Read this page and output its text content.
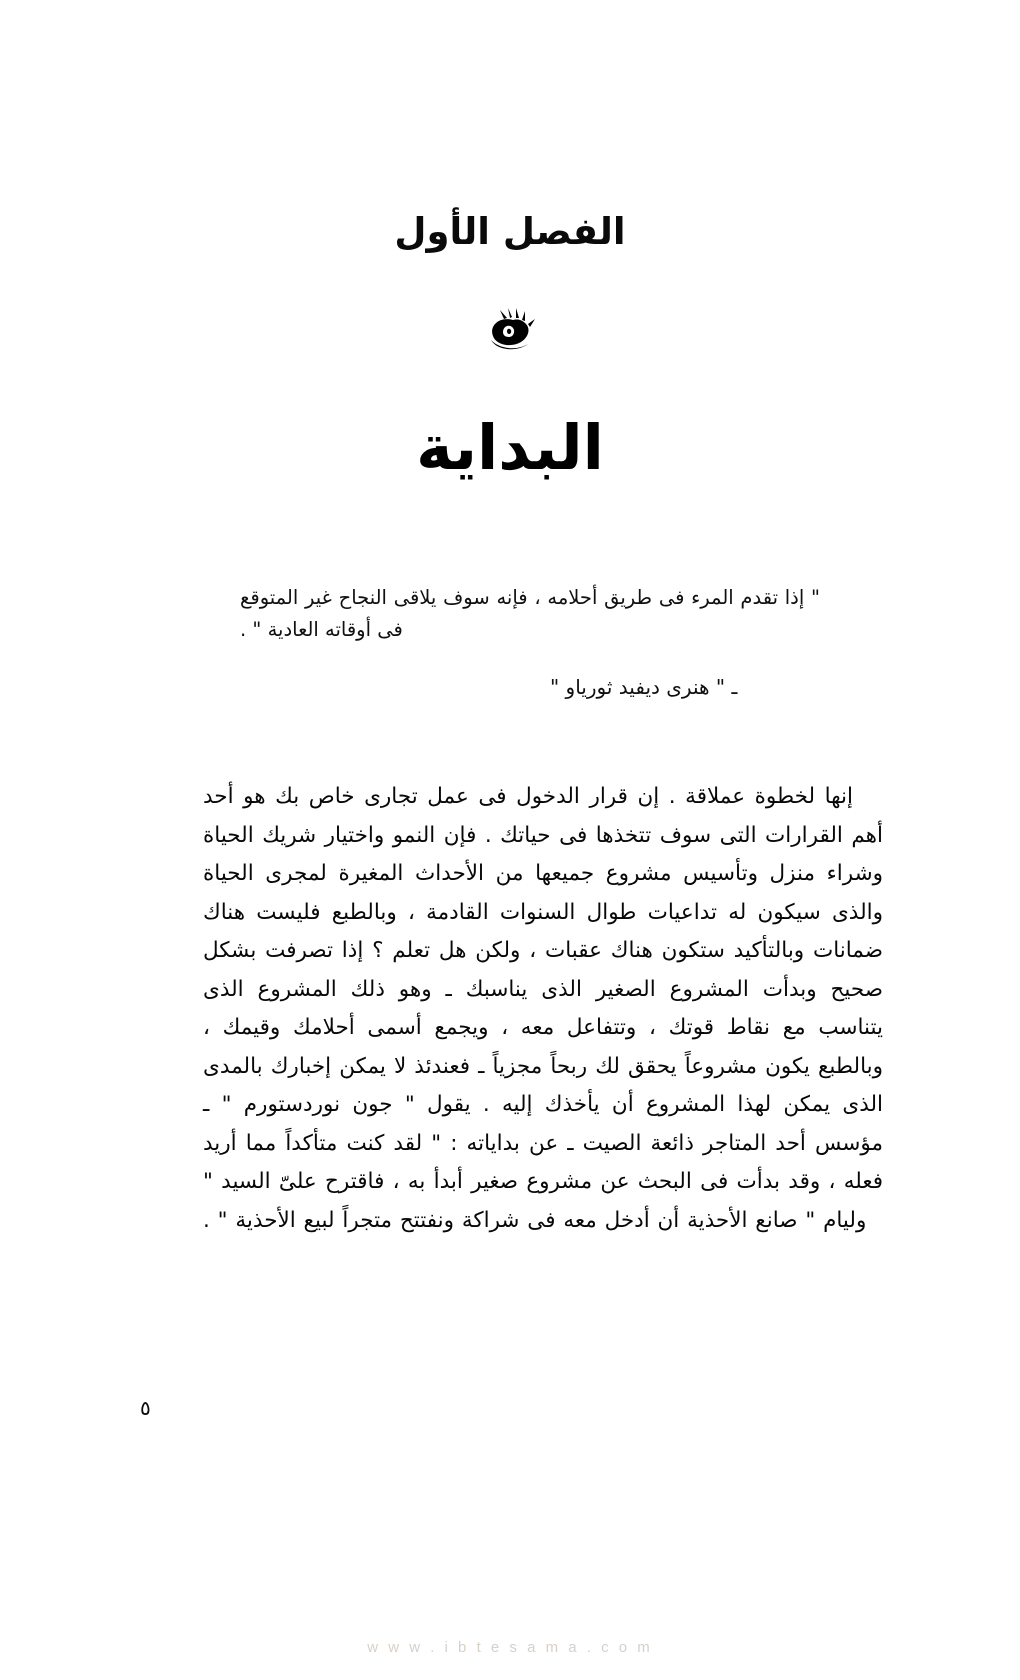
الفصل الأول
البداية
" إذا تقدم المرء فى طريق أحلامه ، فإنه سوف يلاقى النجاح غير المتوقع فى أوقاته العادية " .
ـ " هنرى ديفيد ثورياو "
إنها لخطوة عملاقة . إن قرار الدخول فى عمل تجارى خاص بك هو أحد أهم القرارات التى سوف تتخذها فى حياتك . فإن النمو واختيار شريك الحياة وشراء منزل وتأسيس مشروع جميعها من الأحداث المغيرة لمجرى الحياة والذى سيكون له تداعيات طوال السنوات القادمة ، وبالطبع فليست هناك ضمانات وبالتأكيد ستكون هناك عقبات ، ولكن هل تعلم ؟ إذا تصرفت بشكل صحيح وبدأت المشروع الصغير الذى يناسبك ـ وهو ذلك المشروع الذى يتناسب مع نقاط قوتك ، وتتفاعل معه ، ويجمع أسمى أحلامك وقيمك ، وبالطبع يكون مشروعاً يحقق لك ربحاً مجزياً ـ فعندئذ لا يمكن إخبارك بالمدى الذى يمكن لهذا المشروع أن يأخذك إليه . يقول " جون نوردستورم " ـ مؤسس أحد المتاجر ذائعة الصيت ـ عن بداياته : " لقد كنت متأكداً مما أريد فعله ، وقد بدأت فى البحث عن مشروع صغير أبدأ به ، فاقترح علىّ السيد " وليام " صانع الأحذية أن أدخل معه فى شراكة ونفتتح متجراً لبيع الأحذية " .
٥
w w w . i b t e s a m a . c o m
